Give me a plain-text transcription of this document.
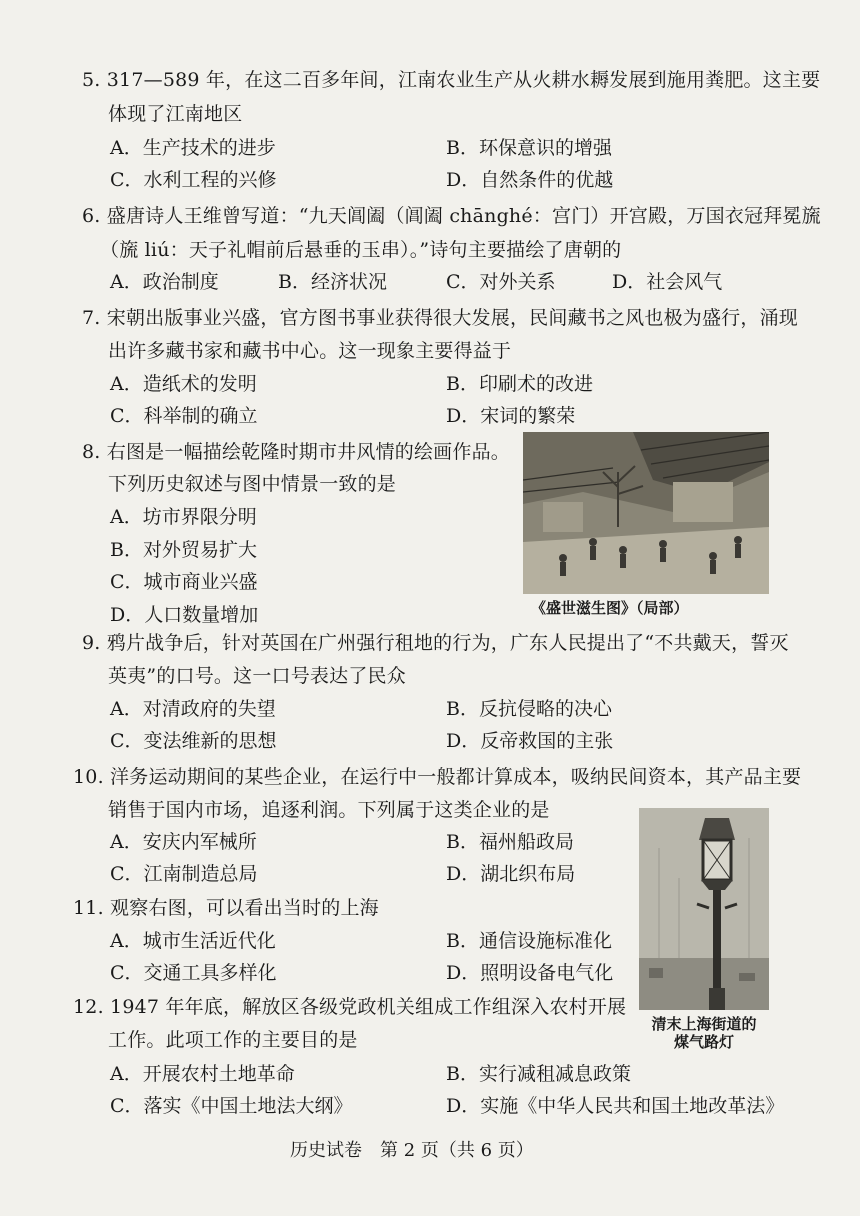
5. 317—589 年，在这二百多年间，江南农业生产从火耕水耨发展到施用粪肥。这主要
体现了江南地区
A．生产技术的进步	B．环保意识的增强
C．水利工程的兴修	D．自然条件的优越
6. 盛唐诗人王维曾写道：“九天阊阖（阊阖 chānghé：宫门）开宫殿，万国衣冠拜冕旒
（旒 liú：天子礼帽前后悬垂的玉串）。”诗句主要描绘了唐朝的
A．政治制度	B．经济状况	C．对外关系	D．社会风气
7. 宋朝出版事业兴盛，官方图书事业获得很大发展，民间藏书之风也极为盛行，涌现
出许多藏书家和藏书中心。这一现象主要得益于
A．造纸术的发明	B．印刷术的改进
C．科举制的确立	D．宋词的繁荣
8. 右图是一幅描绘乾隆时期市井风情的绘画作品。
下列历史叙述与图中情景一致的是
A．坊市界限分明
B．对外贸易扩大
C．城市商业兴盛
D．人口数量增加	《盛世滋生图》（局部）
9. 鸦片战争后，针对英国在广州强行租地的行为，广东人民提出了“不共戴天，誓灭
英夷”的口号。这一口号表达了民众
A．对清政府的失望	B．反抗侵略的决心
C．变法维新的思想	D．反帝救国的主张
10. 洋务运动期间的某些企业，在运行中一般都计算成本，吸纳民间资本，其产品主要
销售于国内市场，追逐利润。下列属于这类企业的是
A．安庆内军械所	B．福州船政局
C．江南制造总局	D．湖北织布局
11. 观察右图，可以看出当时的上海
A．城市生活近代化	B．通信设施标准化
C．交通工具多样化	D．照明设备电气化
清末上海街道的
煤气路灯
12. 1947 年年底，解放区各级党政机关组成工作组深入农村开展
工作。此项工作的主要目的是
A．开展农村土地革命	B．实行减租减息政策
C．落实《中国土地法大纲》	D．实施《中华人民共和国土地改革法》
历史试卷　第 2 页（共 6 页）
